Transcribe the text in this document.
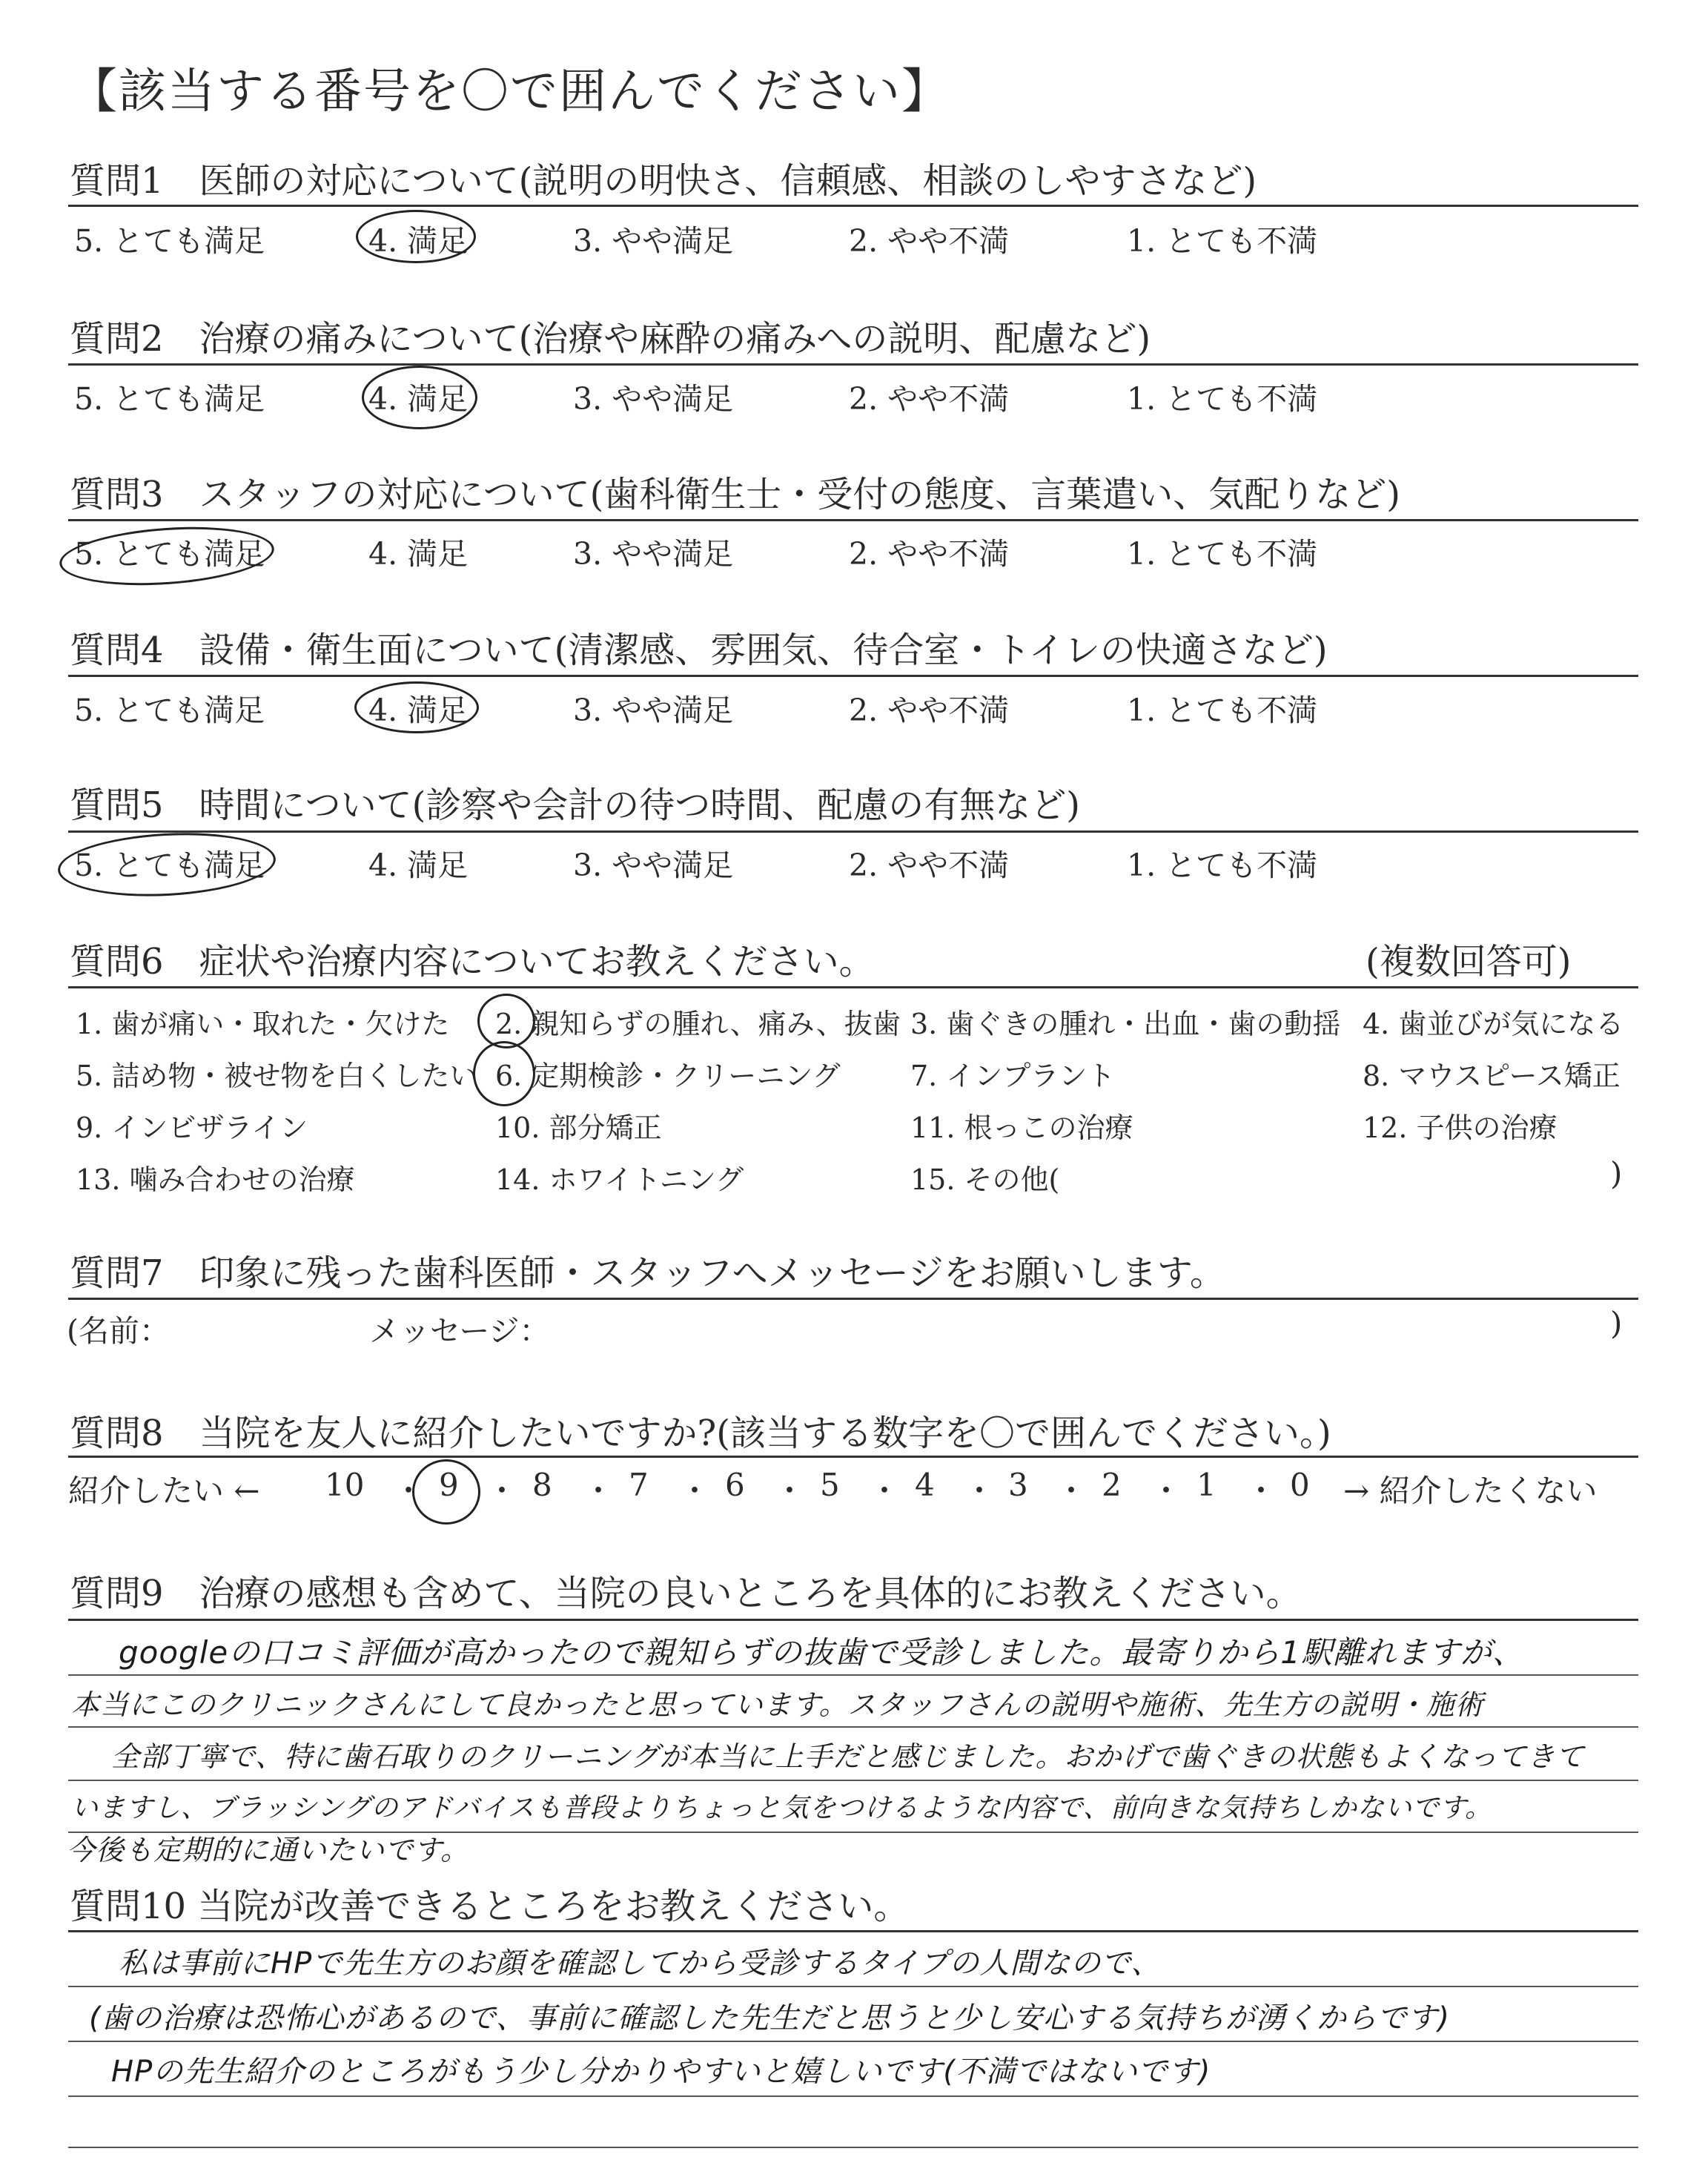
【該当する番号を〇で囲んでください】
質問1　医師の対応について(説明の明快さ、信頼感、相談のしやすさなど)
5. とても満足	4. 満足	3. やや満足	2. やや不満	1. とても不満
質問2　治療の痛みについて(治療や麻酔の痛みへの説明、配慮など)
5. とても満足	4. 満足	3. やや満足	2. やや不満	1. とても不満
質問3　スタッフの対応について(歯科衛生士・受付の態度、言葉遣い、気配りなど)
5. とても満足	4. 満足	3. やや満足	2. やや不満	1. とても不満
質問4　設備・衛生面について(清潔感、雰囲気、待合室・トイレの快適さなど)
5. とても満足	4. 満足	3. やや満足	2. やや不満	1. とても不満
質問5　時間について(診察や会計の待つ時間、配慮の有無など)
5. とても満足	4. 満足	3. やや満足	2. やや不満	1. とても不満
質問6　症状や治療内容についてお教えください。	(複数回答可)
1. 歯が痛い・取れた・欠けた 2. 親知らずの腫れ、痛み、抜歯 3. 歯ぐきの腫れ・出血・歯の動揺 4. 歯並びが気になる
5. 詰め物・被せ物を白くしたい 6. 定期検診・クリーニング 7. インプラント	8. マウスピース矯正
9. インビザライン	10. 部分矯正	11. 根っこの治療	12. 子供の治療
13. 噛み合わせの治療	14. ホワイトニング	15. その他(	)
質問7　印象に残った歯科医師・スタッフへメッセージをお願いします。
(名前：	メッセージ：	)
質問8　当院を友人に紹介したいですか?(該当する数字を〇で囲んでください。)
紹介したい ← 10 ・ 9 ・ 8 ・ 7 ・ 6 ・ 5 ・ 4 ・ 3 ・ 2 ・ 1 ・ 0 → 紹介したくない
質問9　治療の感想も含めて、当院の良いところを具体的にお教えください。
googleの口コミ評価が高かったので親知らずの抜歯で受診しました。最寄りから1駅離れますが、
本当にこのクリニックさんにして良かったと思っています。スタッフさんの説明や施術、先生方の説明・施術
全部丁寧で、特に歯石取りのクリーニングが本当に上手だと感じました。おかげで歯ぐきの状態もよくなってきて
いますし、ブラッシングのアドバイスも普段よりちょっと気をつけるような内容で、前向きな気持ちしかないです。
今後も定期的に通いたいです。
質問10 当院が改善できるところをお教えください。
私は事前にHPで先生方のお顔を確認してから受診するタイプの人間なので、
(歯の治療は恐怖心があるので、事前に確認した先生だと思うと少し安心する気持ちが湧くからです)
HPの先生紹介のところがもう少し分かりやすいと嬉しいです(不満ではないです)
